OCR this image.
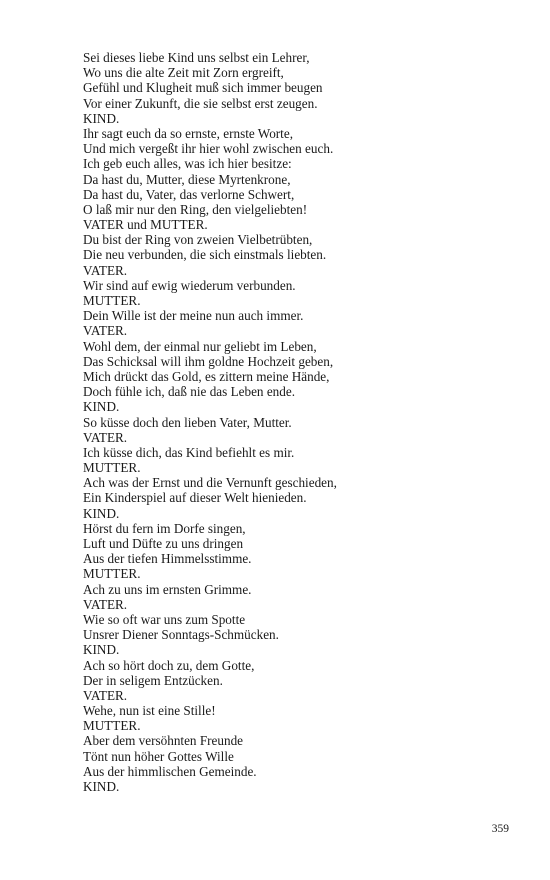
Sei dieses liebe Kind uns selbst ein Lehrer,
Wo uns die alte Zeit mit Zorn ergreift,
Gefühl und Klugheit muß sich immer beugen
Vor einer Zukunft, die sie selbst erst zeugen.
KIND.
Ihr sagt euch da so ernste, ernste Worte,
Und mich vergeßt ihr hier wohl zwischen euch.
Ich geb euch alles, was ich hier besitze:
Da hast du, Mutter, diese Myrtenkrone,
Da hast du, Vater, das verlorne Schwert,
O laß mir nur den Ring, den vielgeliebten!
VATER und MUTTER.
Du bist der Ring von zweien Vielbetrübten,
Die neu verbunden, die sich einstmals liebten.
VATER.
Wir sind auf ewig wiederum verbunden.
MUTTER.
Dein Wille ist der meine nun auch immer.
VATER.
Wohl dem, der einmal nur geliebt im Leben,
Das Schicksal will ihm goldne Hochzeit geben,
Mich drückt das Gold, es zittern meine Hände,
Doch fühle ich, daß nie das Leben ende.
KIND.
So küsse doch den lieben Vater, Mutter.
VATER.
Ich küsse dich, das Kind befiehlt es mir.
MUTTER.
Ach was der Ernst und die Vernunft geschieden,
Ein Kinderspiel auf dieser Welt hienieden.
KIND.
Hörst du fern im Dorfe singen,
Luft und Düfte zu uns dringen
Aus der tiefen Himmelsstimme.
MUTTER.
Ach zu uns im ernsten Grimme.
VATER.
Wie so oft war uns zum Spotte
Unsrer Diener Sonntags-Schmücken.
KIND.
Ach so hört doch zu, dem Gotte,
Der in seligem Entzücken.
VATER.
Wehe, nun ist eine Stille!
MUTTER.
Aber dem versöhnten Freunde
Tönt nun höher Gottes Wille
Aus der himmlischen Gemeinde.
KIND.
359
